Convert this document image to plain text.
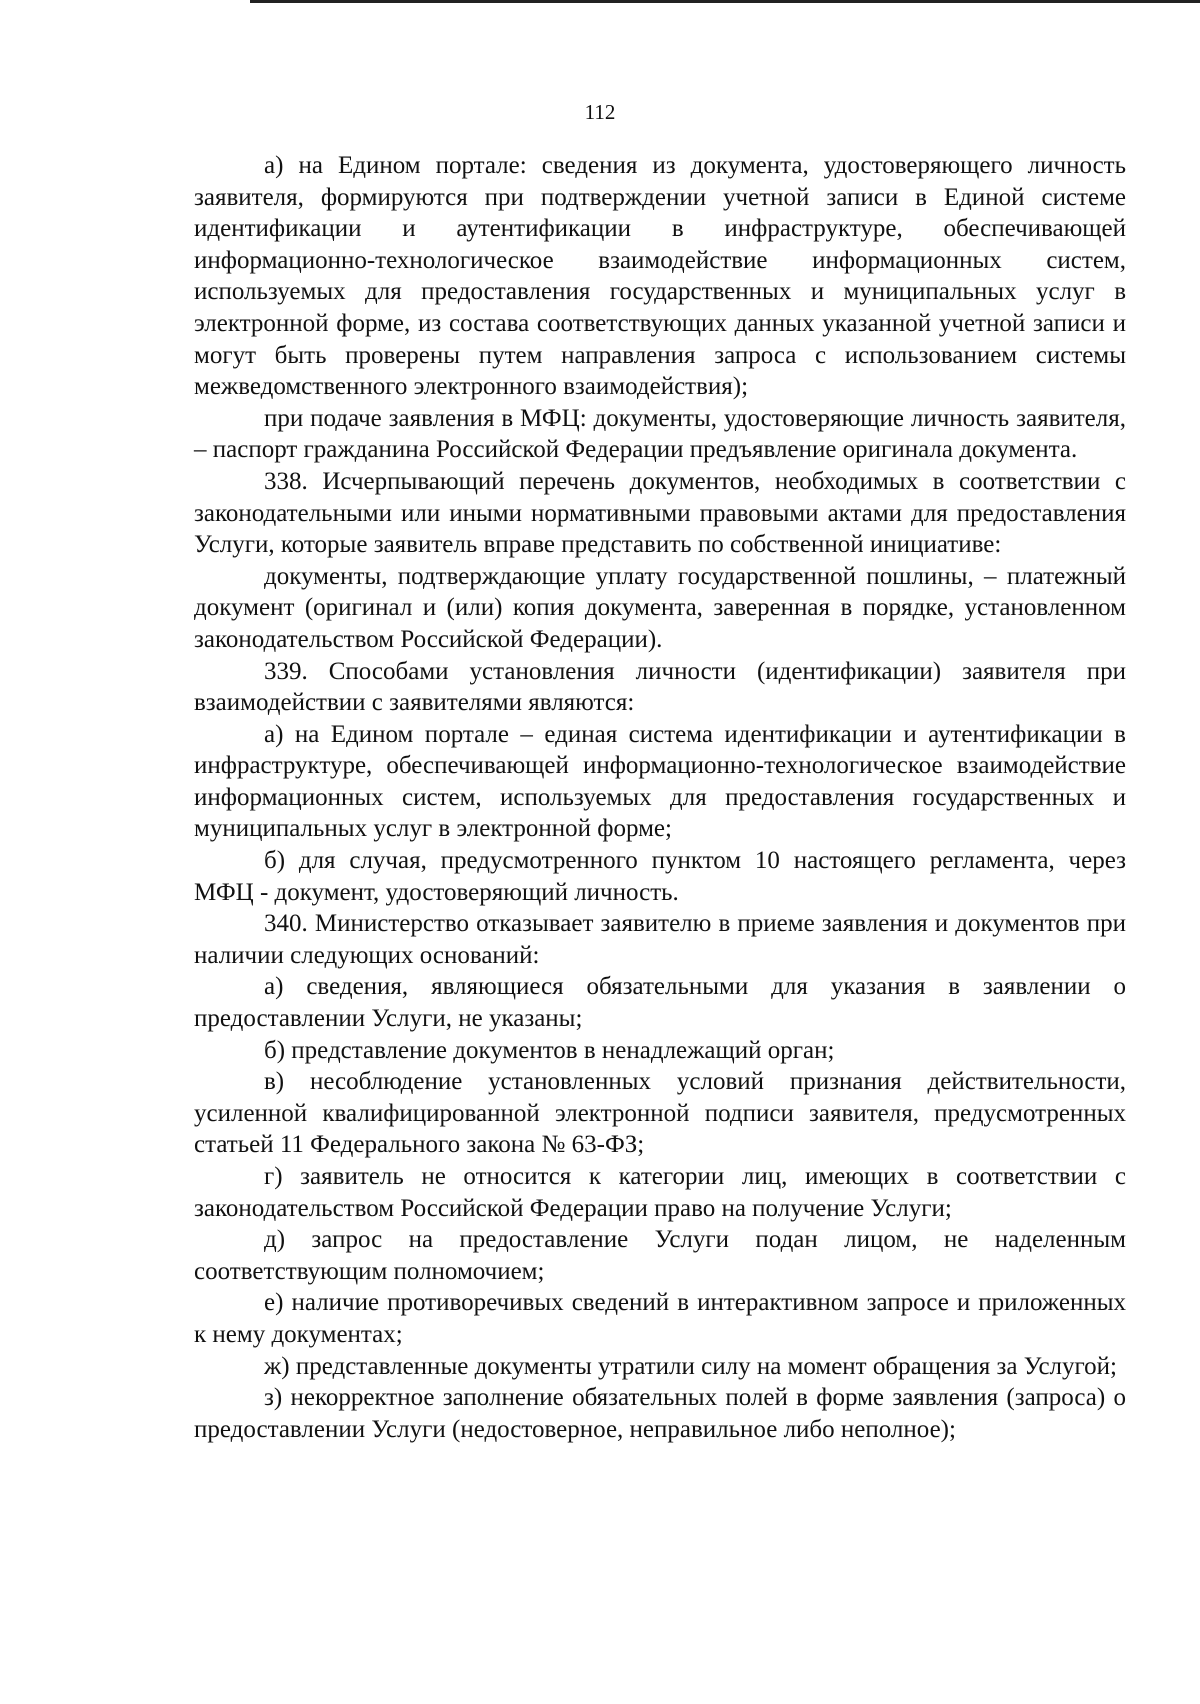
112

а) на Едином портале: сведения из документа, удостоверяющего личность заявителя, формируются при подтверждении учетной записи в Единой системе идентификации и аутентификации в инфраструктуре, обеспечивающей информационно-технологическое взаимодействие информационных систем, используемых для предоставления государственных и муниципальных услуг в электронной форме, из состава соответствующих данных указанной учетной записи и могут быть проверены путем направления запроса с использованием системы межведомственного электронного взаимодействия);

при подаче заявления в МФЦ: документы, удостоверяющие личность заявителя, – паспорт гражданина Российской Федерации предъявление оригинала документа.

338. Исчерпывающий перечень документов, необходимых в соответствии с законодательными или иными нормативными правовыми актами для предоставления Услуги, которые заявитель вправе представить по собственной инициативе:

документы, подтверждающие уплату государственной пошлины, – платежный документ (оригинал и (или) копия документа, заверенная в порядке, установленном законодательством Российской Федерации).

339. Способами установления личности (идентификации) заявителя при взаимодействии с заявителями являются:

а) на Едином портале – единая система идентификации и аутентификации в инфраструктуре, обеспечивающей информационно-технологическое взаимодействие информационных систем, используемых для предоставления государственных и муниципальных услуг в электронной форме;

б) для случая, предусмотренного пунктом 10 настоящего регламента, через МФЦ - документ, удостоверяющий личность.

340. Министерство отказывает заявителю в приеме заявления и документов при наличии следующих оснований:

а) сведения, являющиеся обязательными для указания в заявлении о предоставлении Услуги, не указаны;

б) представление документов в ненадлежащий орган;

в) несоблюдение установленных условий признания действительности, усиленной квалифицированной электронной подписи заявителя, предусмотренных статьей 11 Федерального закона № 63-ФЗ;

г) заявитель не относится к категории лиц, имеющих в соответствии с законодательством Российской Федерации право на получение Услуги;

д) запрос на предоставление Услуги подан лицом, не наделенным соответствующим полномочием;

е) наличие противоречивых сведений в интерактивном запросе и приложенных к нему документах;

ж) представленные документы утратили силу на момент обращения за Услугой;

з) некорректное заполнение обязательных полей в форме заявления (запроса) о предоставлении Услуги (недостоверное, неправильное либо неполное);
